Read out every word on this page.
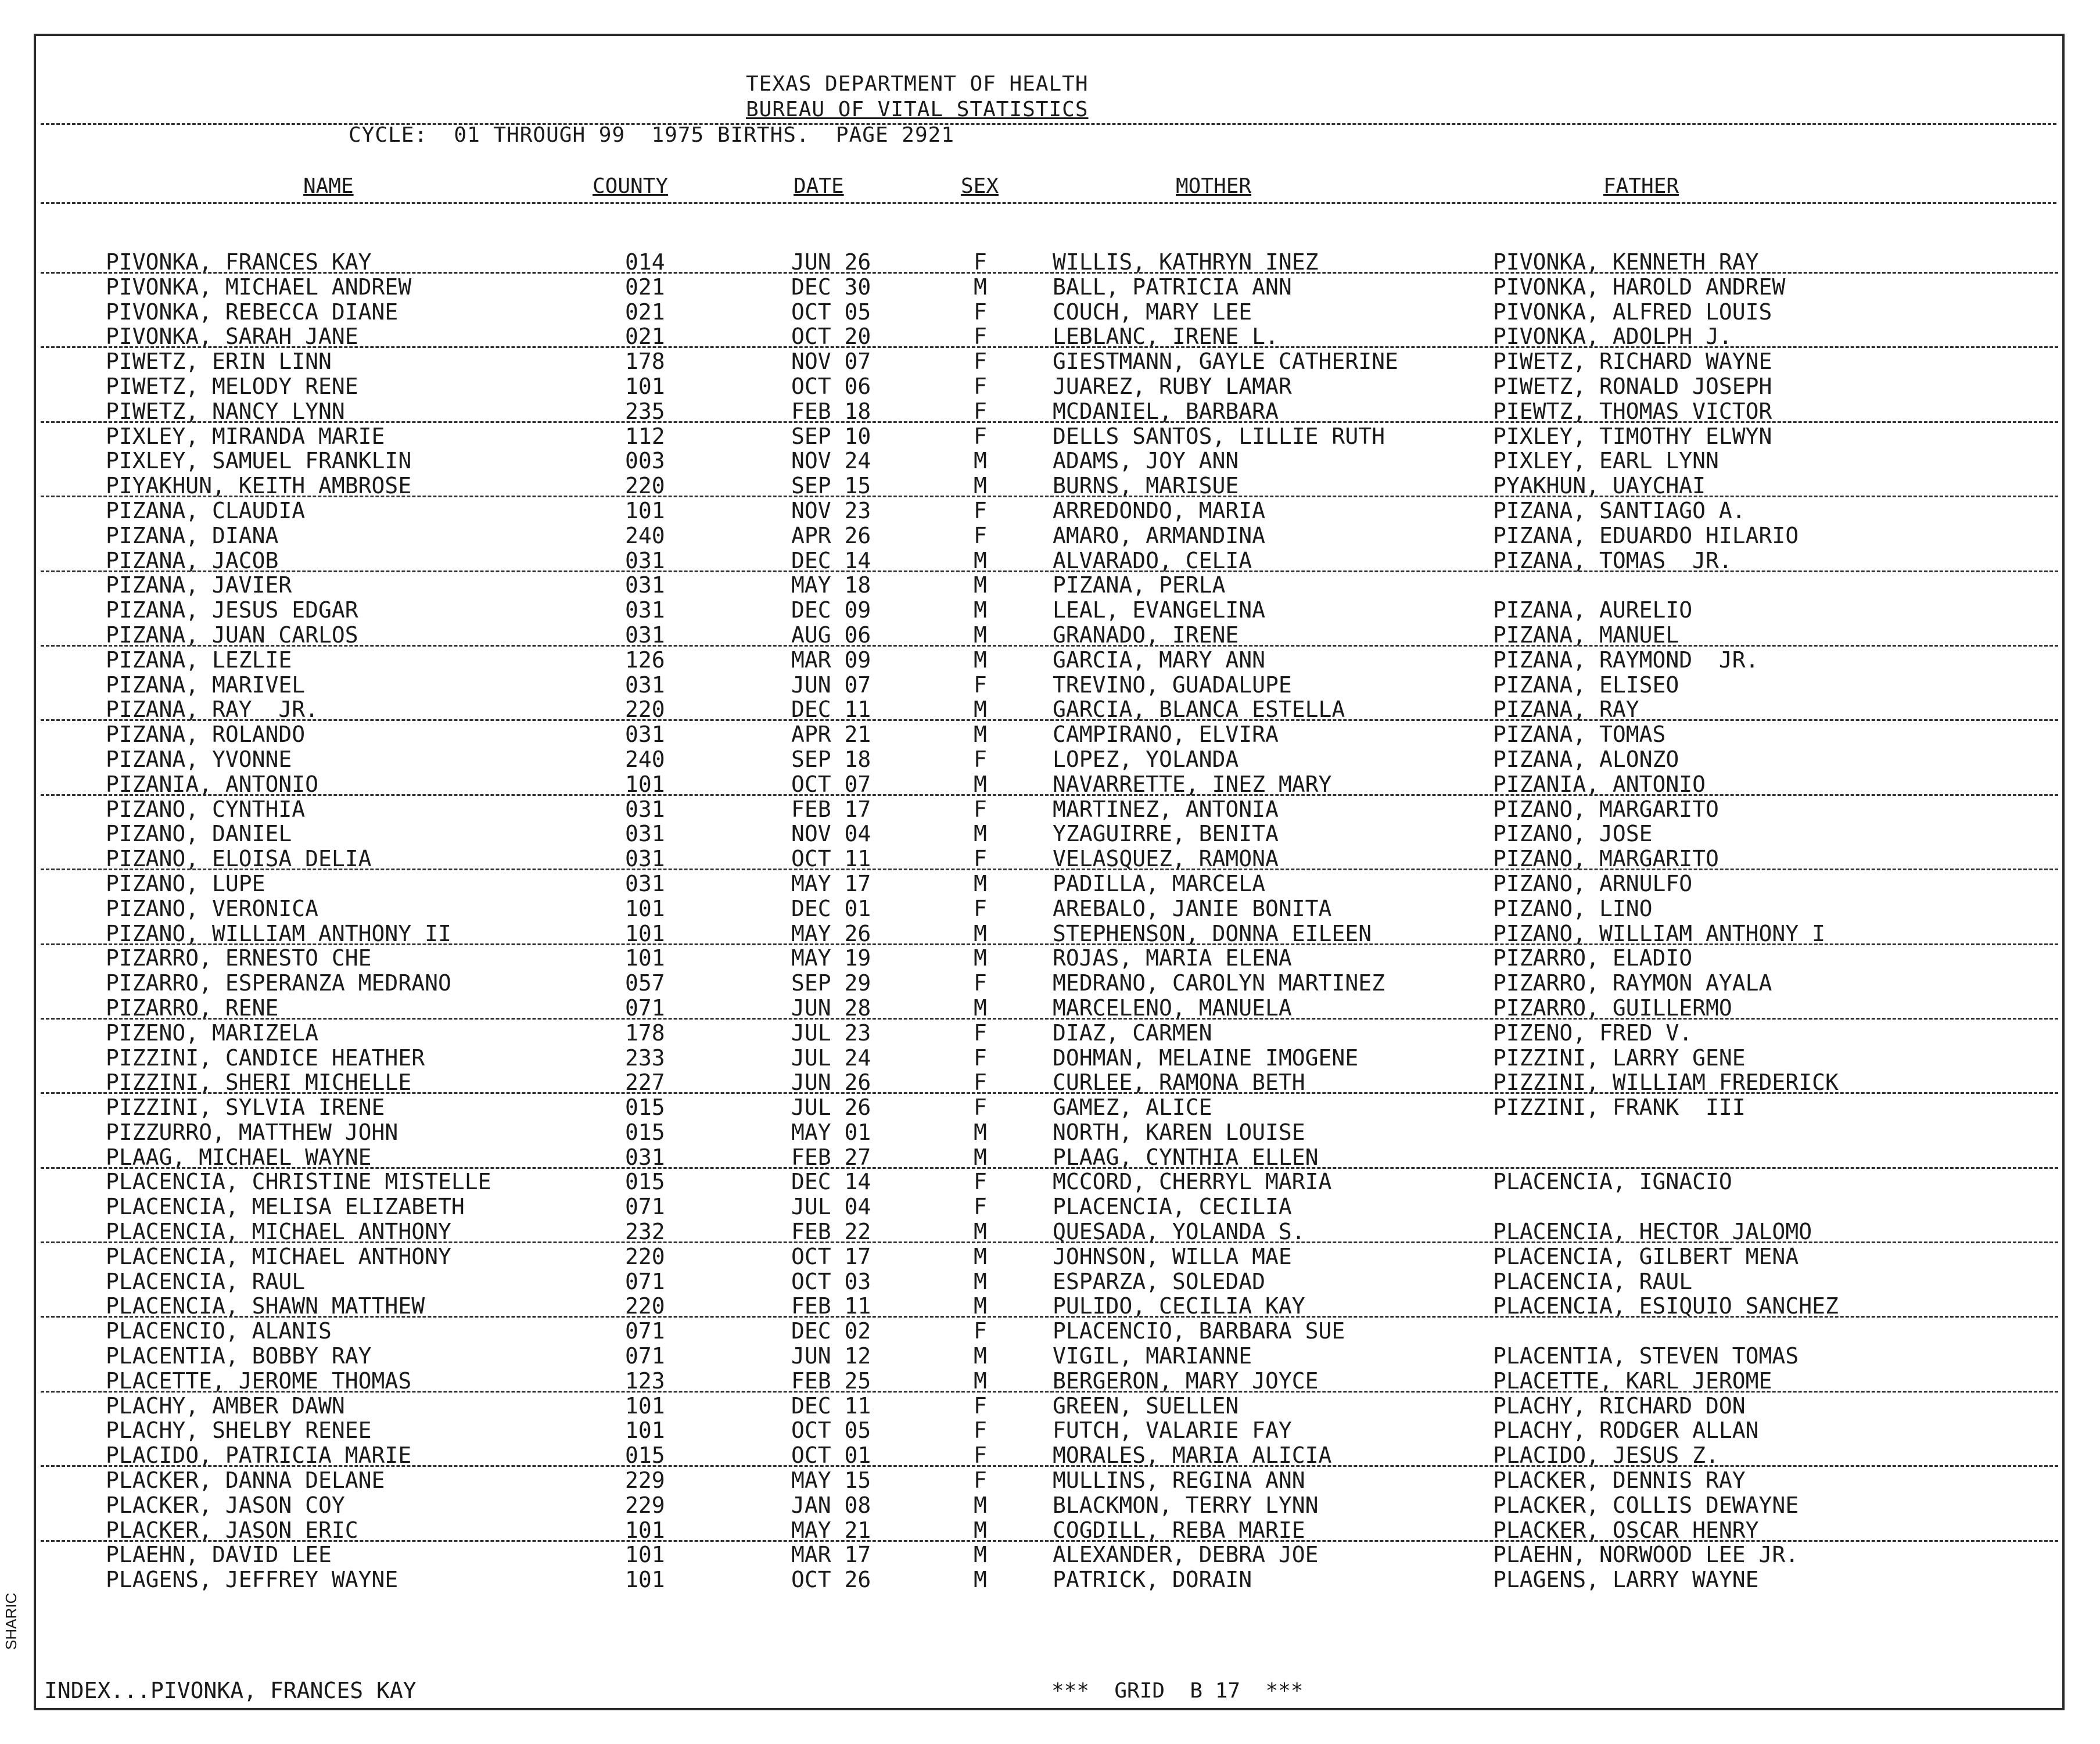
TEXAS DEPARTMENT OF HEALTH
BUREAU OF VITAL STATISTICS
CYCLE:  01 THROUGH 99  1975 BIRTHS.  PAGE 2921
NAME	COUNTY	DATE	SEX	MOTHER	FATHER
PIVONKA, FRANCES KAY	014	JUN 26	F	WILLIS, KATHRYN INEZ	PIVONKA, KENNETH RAY
PIVONKA, MICHAEL ANDREW	021	DEC 30	M	BALL, PATRICIA ANN	PIVONKA, HAROLD ANDREW
PIVONKA, REBECCA DIANE	021	OCT 05	F	COUCH, MARY LEE	PIVONKA, ALFRED LOUIS
PIVONKA, SARAH JANE	021	OCT 20	F	LEBLANC, IRENE L.	PIVONKA, ADOLPH J.
PIWETZ, ERIN LINN	178	NOV 07	F	GIESTMANN, GAYLE CATHERINE	PIWETZ, RICHARD WAYNE
PIWETZ, MELODY RENE	101	OCT 06	F	JUAREZ, RUBY LAMAR	PIWETZ, RONALD JOSEPH
PIWETZ, NANCY LYNN	235	FEB 18	F	MCDANIEL, BARBARA	PIEWTZ, THOMAS VICTOR
PIXLEY, MIRANDA MARIE	112	SEP 10	F	DELLS SANTOS, LILLIE RUTH	PIXLEY, TIMOTHY ELWYN
PIXLEY, SAMUEL FRANKLIN	003	NOV 24	M	ADAMS, JOY ANN	PIXLEY, EARL LYNN
PIYAKHUN, KEITH AMBROSE	220	SEP 15	M	BURNS, MARISUE	PYAKHUN, UAYCHAI
PIZANA, CLAUDIA	101	NOV 23	F	ARREDONDO, MARIA	PIZANA, SANTIAGO A.
PIZANA, DIANA	240	APR 26	F	AMARO, ARMANDINA	PIZANA, EDUARDO HILARIO
PIZANA, JACOB	031	DEC 14	M	ALVARADO, CELIA	PIZANA, TOMAS  JR.
PIZANA, JAVIER	031	MAY 18	M	PIZANA, PERLA
PIZANA, JESUS EDGAR	031	DEC 09	M	LEAL, EVANGELINA	PIZANA, AURELIO
PIZANA, JUAN CARLOS	031	AUG 06	M	GRANADO, IRENE	PIZANA, MANUEL
PIZANA, LEZLIE	126	MAR 09	M	GARCIA, MARY ANN	PIZANA, RAYMOND  JR.
PIZANA, MARIVEL	031	JUN 07	F	TREVINO, GUADALUPE	PIZANA, ELISEO
PIZANA, RAY  JR.	220	DEC 11	M	GARCIA, BLANCA ESTELLA	PIZANA, RAY
PIZANA, ROLANDO	031	APR 21	M	CAMPIRANO, ELVIRA	PIZANA, TOMAS
PIZANA, YVONNE	240	SEP 18	F	LOPEZ, YOLANDA	PIZANA, ALONZO
PIZANIA, ANTONIO	101	OCT 07	M	NAVARRETTE, INEZ MARY	PIZANIA, ANTONIO
PIZANO, CYNTHIA	031	FEB 17	F	MARTINEZ, ANTONIA	PIZANO, MARGARITO
PIZANO, DANIEL	031	NOV 04	M	YZAGUIRRE, BENITA	PIZANO, JOSE
PIZANO, ELOISA DELIA	031	OCT 11	F	VELASQUEZ, RAMONA	PIZANO, MARGARITO
PIZANO, LUPE	031	MAY 17	M	PADILLA, MARCELA	PIZANO, ARNULFO
PIZANO, VERONICA	101	DEC 01	F	AREBALO, JANIE BONITA	PIZANO, LINO
PIZANO, WILLIAM ANTHONY II	101	MAY 26	M	STEPHENSON, DONNA EILEEN	PIZANO, WILLIAM ANTHONY I
PIZARRO, ERNESTO CHE	101	MAY 19	M	ROJAS, MARIA ELENA	PIZARRO, ELADIO
PIZARRO, ESPERANZA MEDRANO	057	SEP 29	F	MEDRANO, CAROLYN MARTINEZ	PIZARRO, RAYMON AYALA
PIZARRO, RENE	071	JUN 28	M	MARCELENO, MANUELA	PIZARRO, GUILLERMO
PIZENO, MARIZELA	178	JUL 23	F	DIAZ, CARMEN	PIZENO, FRED V.
PIZZINI, CANDICE HEATHER	233	JUL 24	F	DOHMAN, MELAINE IMOGENE	PIZZINI, LARRY GENE
PIZZINI, SHERI MICHELLE	227	JUN 26	F	CURLEE, RAMONA BETH	PIZZINI, WILLIAM FREDERICK
PIZZINI, SYLVIA IRENE	015	JUL 26	F	GAMEZ, ALICE	PIZZINI, FRANK  III
PIZZURRO, MATTHEW JOHN	015	MAY 01	M	NORTH, KAREN LOUISE
PLAAG, MICHAEL WAYNE	031	FEB 27	M	PLAAG, CYNTHIA ELLEN
PLACENCIA, CHRISTINE MISTELLE	015	DEC 14	F	MCCORD, CHERRYL MARIA	PLACENCIA, IGNACIO
PLACENCIA, MELISA ELIZABETH	071	JUL 04	F	PLACENCIA, CECILIA
PLACENCIA, MICHAEL ANTHONY	232	FEB 22	M	QUESADA, YOLANDA S.	PLACENCIA, HECTOR JALOMO
PLACENCIA, MICHAEL ANTHONY	220	OCT 17	M	JOHNSON, WILLA MAE	PLACENCIA, GILBERT MENA
PLACENCIA, RAUL	071	OCT 03	M	ESPARZA, SOLEDAD	PLACENCIA, RAUL
PLACENCIA, SHAWN MATTHEW	220	FEB 11	M	PULIDO, CECILIA KAY	PLACENCIA, ESIQUIO SANCHEZ
PLACENCIO, ALANIS	071	DEC 02	F	PLACENCIO, BARBARA SUE
PLACENTIA, BOBBY RAY	071	JUN 12	M	VIGIL, MARIANNE	PLACENTIA, STEVEN TOMAS
PLACETTE, JEROME THOMAS	123	FEB 25	M	BERGERON, MARY JOYCE	PLACETTE, KARL JEROME
PLACHY, AMBER DAWN	101	DEC 11	F	GREEN, SUELLEN	PLACHY, RICHARD DON
PLACHY, SHELBY RENEE	101	OCT 05	F	FUTCH, VALARIE FAY	PLACHY, RODGER ALLAN
PLACIDO, PATRICIA MARIE	015	OCT 01	F	MORALES, MARIA ALICIA	PLACIDO, JESUS Z.
PLACKER, DANNA DELANE	229	MAY 15	F	MULLINS, REGINA ANN	PLACKER, DENNIS RAY
PLACKER, JASON COY	229	JAN 08	M	BLACKMON, TERRY LYNN	PLACKER, COLLIS DEWAYNE
PLACKER, JASON ERIC	101	MAY 21	M	COGDILL, REBA MARIE	PLACKER, OSCAR HENRY
PLAEHN, DAVID LEE	101	MAR 17	M	ALEXANDER, DEBRA JOE	PLAEHN, NORWOOD LEE JR.
PLAGENS, JEFFREY WAYNE	101	OCT 26	M	PATRICK, DORAIN	PLAGENS, LARRY WAYNE
INDEX...PIVONKA, FRANCES KAY	***  GRID  B 17  ***
SHARIC
